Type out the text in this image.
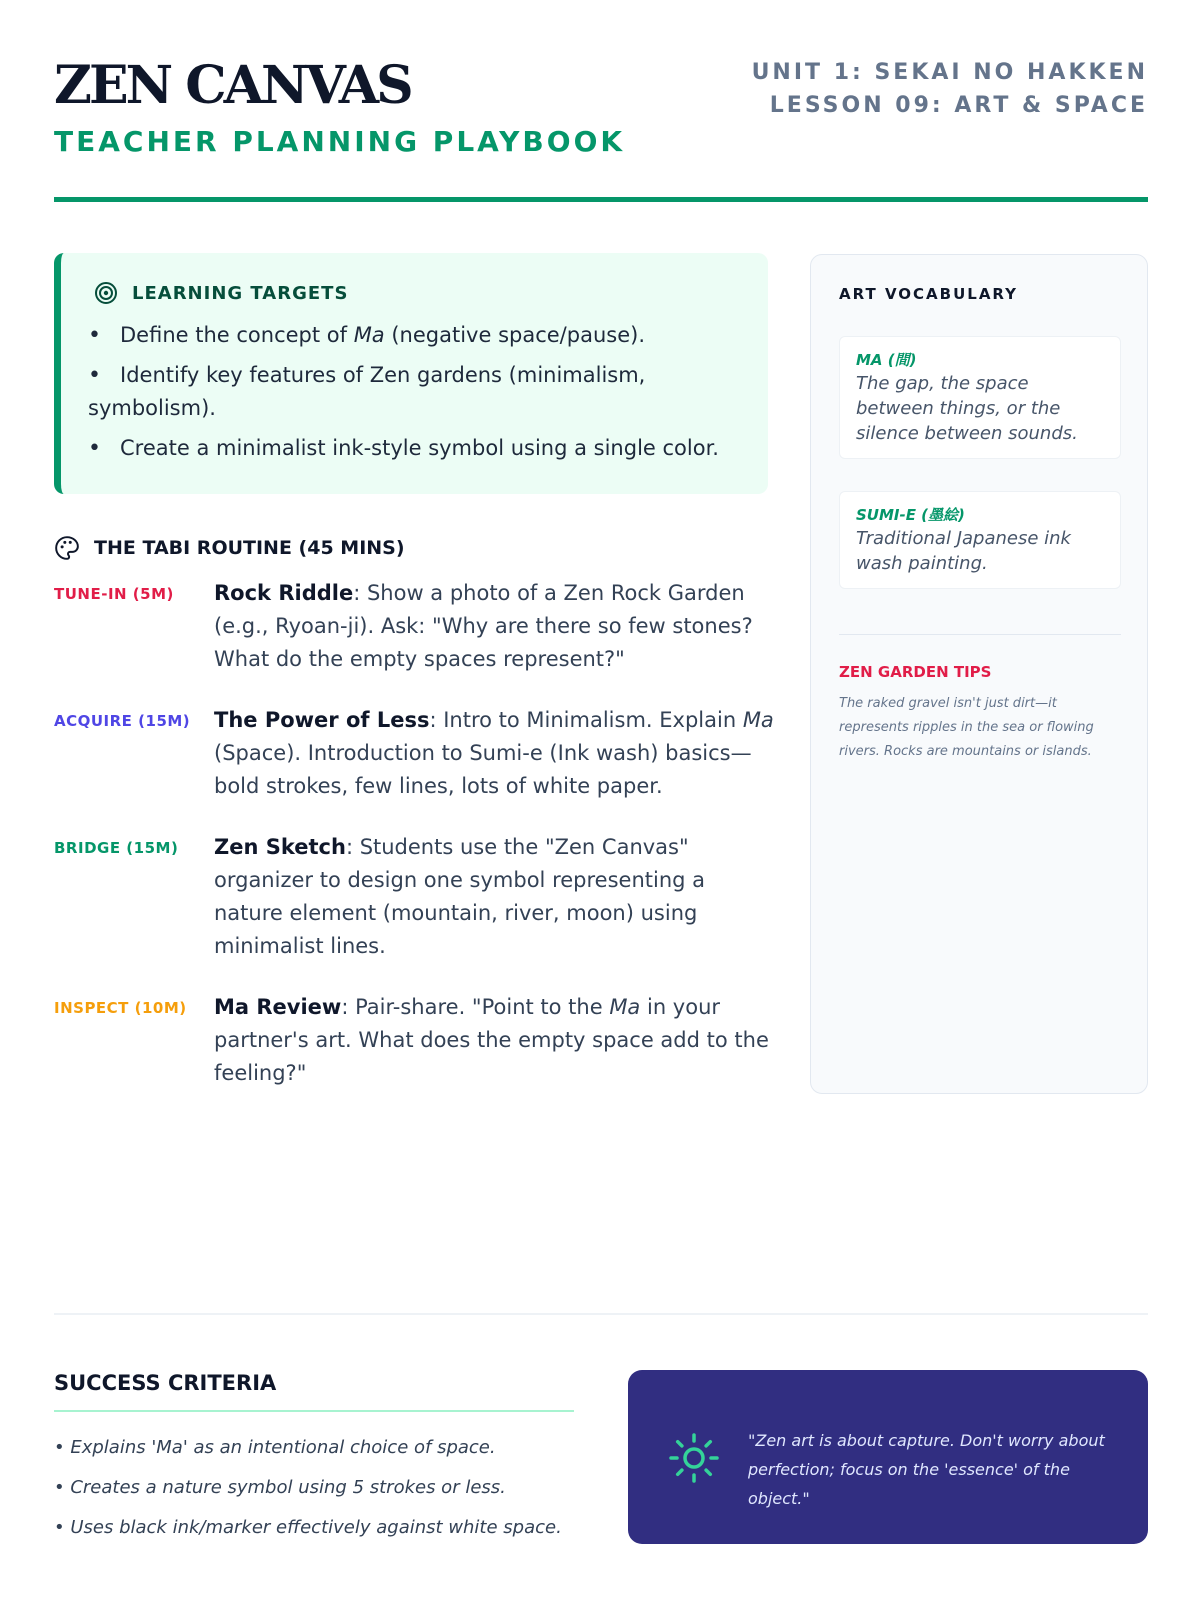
ZEN CANVAS
TEACHER PLANNING PLAYBOOK
UNIT 1: SEKAI NO HAKKEN
LESSON 09: ART & SPACE
LEARNING TARGETS
• Define the concept of Ma (negative space/pause).
• Identify key features of Zen gardens (minimalism, symbolism).
• Create a minimalist ink-style symbol using a single color.
THE TABI ROUTINE (45 MINS)
TUNE-IN (5M)	Rock Riddle: Show a photo of a Zen Rock Garden (e.g., Ryoan-ji). Ask: "Why are there so few stones? What do the empty spaces represent?"
ACQUIRE (15M)	The Power of Less: Intro to Minimalism. Explain Ma (Space). Introduction to Sumi-e (Ink wash) basics—bold strokes, few lines, lots of white paper.
BRIDGE (15M)	Zen Sketch: Students use the "Zen Canvas" organizer to design one symbol representing a nature element (mountain, river, moon) using minimalist lines.
INSPECT (10M)	Ma Review: Pair-share. "Point to the Ma in your partner's art. What does the empty space add to the feeling?"
ART VOCABULARY
MA (間)
The gap, the space between things, or the silence between sounds.
SUMI-E (墨絵)
Traditional Japanese ink wash painting.
ZEN GARDEN TIPS
The raked gravel isn't just dirt—it represents ripples in the sea or flowing rivers. Rocks are mountains or islands.
SUCCESS CRITERIA
• Explains 'Ma' as an intentional choice of space.
• Creates a nature symbol using 5 strokes or less.
• Uses black ink/marker effectively against white space.
"Zen art is about capture. Don't worry about perfection; focus on the 'essence' of the object."
